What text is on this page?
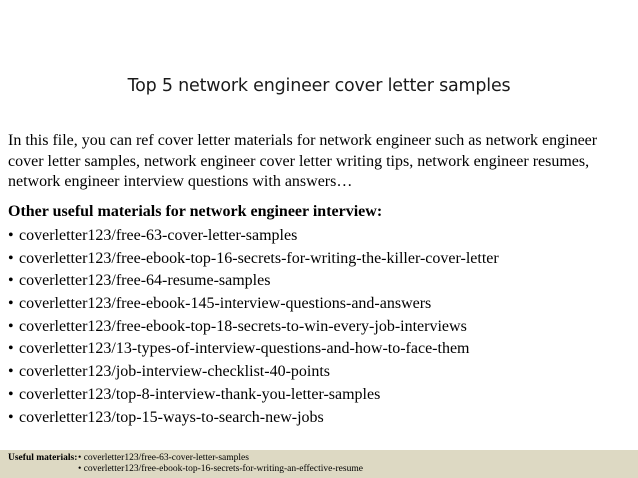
Top 5 network engineer cover letter samples
In this file, you can ref cover letter materials for network engineer such as network engineer
cover letter samples, network engineer cover letter writing tips, network engineer resumes,
network engineer interview questions with answers…
Other useful materials for network engineer interview:
• coverletter123/free-63-cover-letter-samples
• coverletter123/free-ebook-top-16-secrets-for-writing-the-killer-cover-letter
• coverletter123/free-64-resume-samples
• coverletter123/free-ebook-145-interview-questions-and-answers
• coverletter123/free-ebook-top-18-secrets-to-win-every-job-interviews
• coverletter123/13-types-of-interview-questions-and-how-to-face-them
• coverletter123/job-interview-checklist-40-points
• coverletter123/top-8-interview-thank-you-letter-samples
• coverletter123/top-15-ways-to-search-new-jobs
Useful materials: • coverletter123/free-63-cover-letter-samples
• coverletter123/free-ebook-top-16-secrets-for-writing-an-effective-resume
